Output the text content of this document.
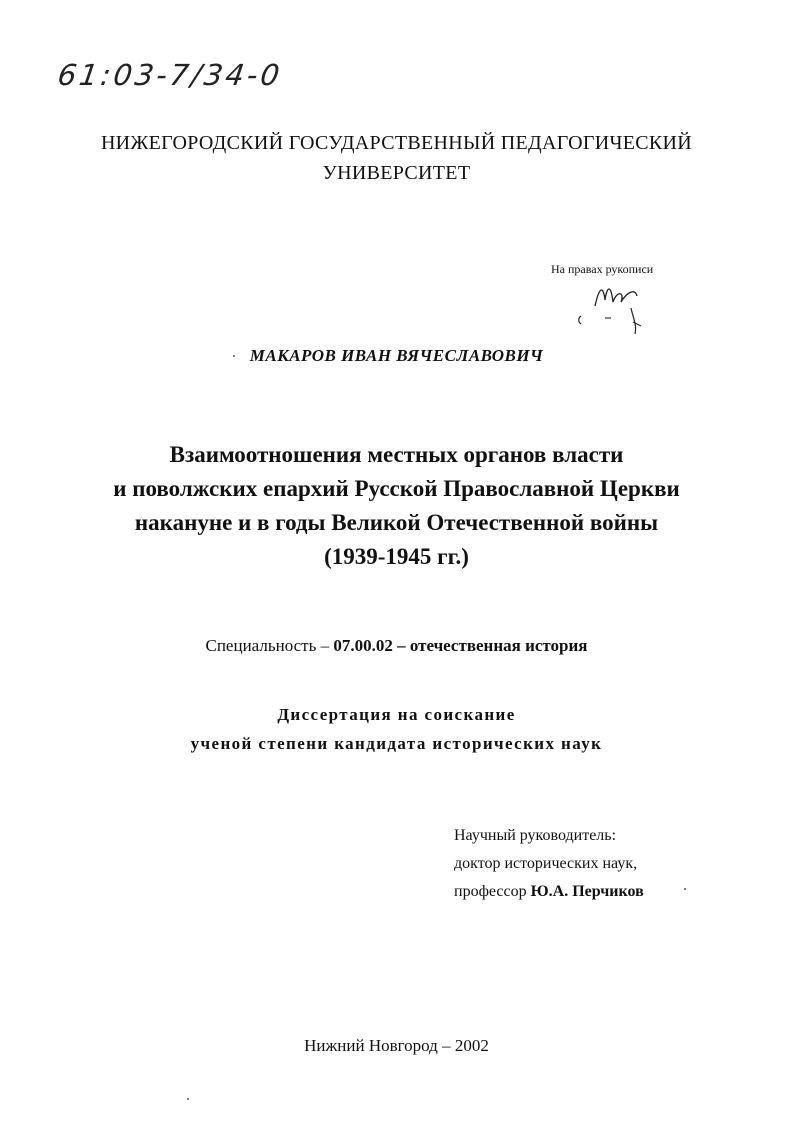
61:03-7/34-0
НИЖЕГОРОДСКИЙ ГОСУДАРСТВЕННЫЙ ПЕДАГОГИЧЕСКИЙ
УНИВЕРСИТЕТ
На правах рукописи
МАКАРОВ ИВАН ВЯЧЕСЛАВОВИЧ
Взаимоотношения местных органов власти
и поволжских епархий Русской Православной Церкви
накануне и в годы Великой Отечественной войны
(1939-1945 гг.)
Специальность – 07.00.02 – отечественная история
Диссертация на соискание
ученой степени кандидата исторических наук
Научный руководитель:
доктор исторических наук,
профессор Ю.А. Перчиков
Нижний Новгород – 2002
